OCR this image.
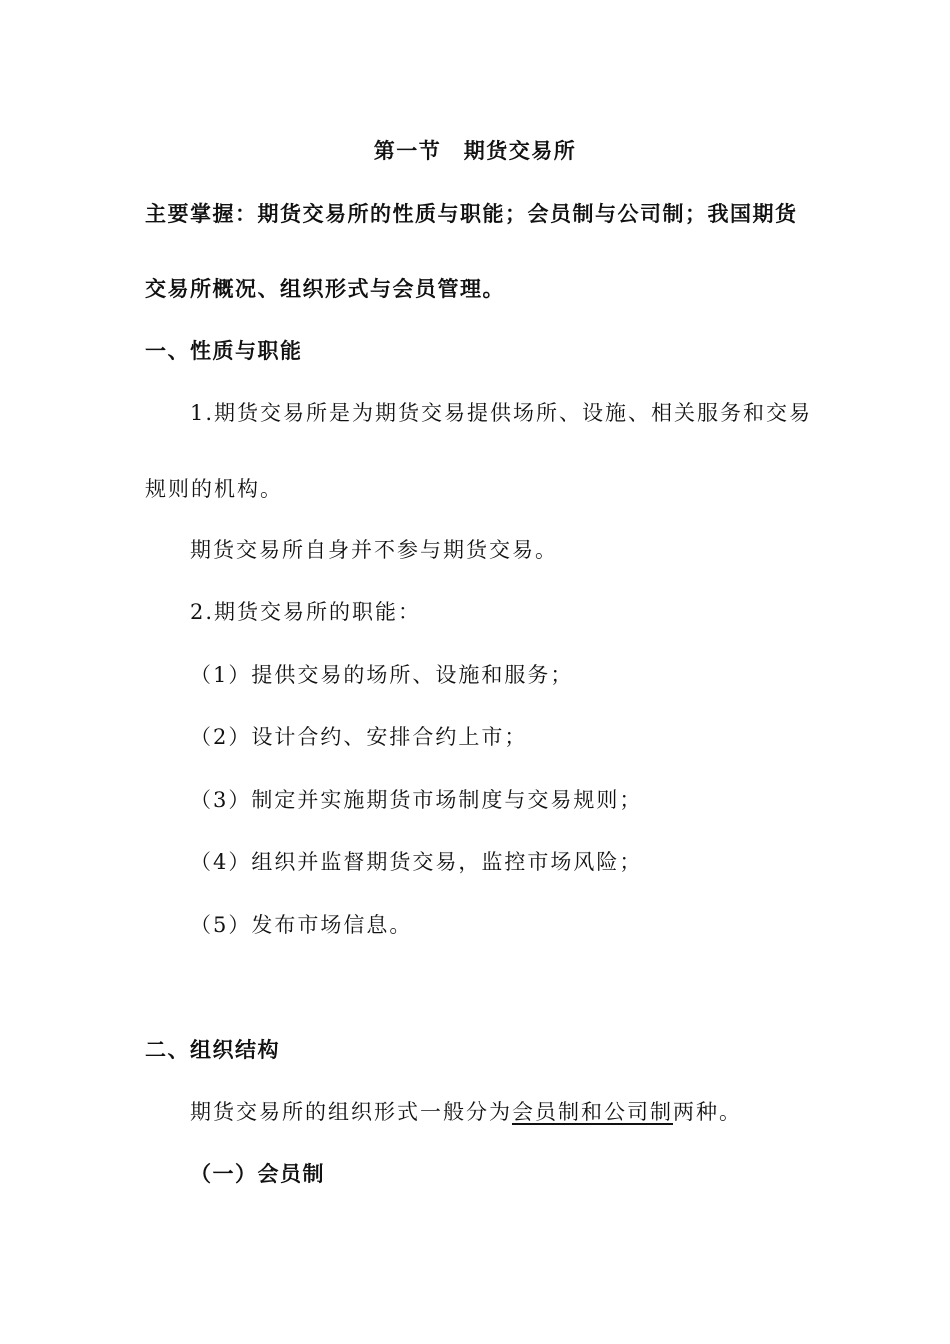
第一节　期货交易所
主要掌握：期货交易所的性质与职能；会员制与公司制；我国期货
交易所概况、组织形式与会员管理。
一、性质与职能
1.期货交易所是为期货交易提供场所、设施、相关服务和交易
规则的机构。
期货交易所自身并不参与期货交易。
2.期货交易所的职能：
（1）提供交易的场所、设施和服务；
（2）设计合约、安排合约上市；
（3）制定并实施期货市场制度与交易规则；
（4）组织并监督期货交易，监控市场风险；
（5）发布市场信息。
二、组织结构
期货交易所的组织形式一般分为会员制和公司制两种。
（一）会员制
